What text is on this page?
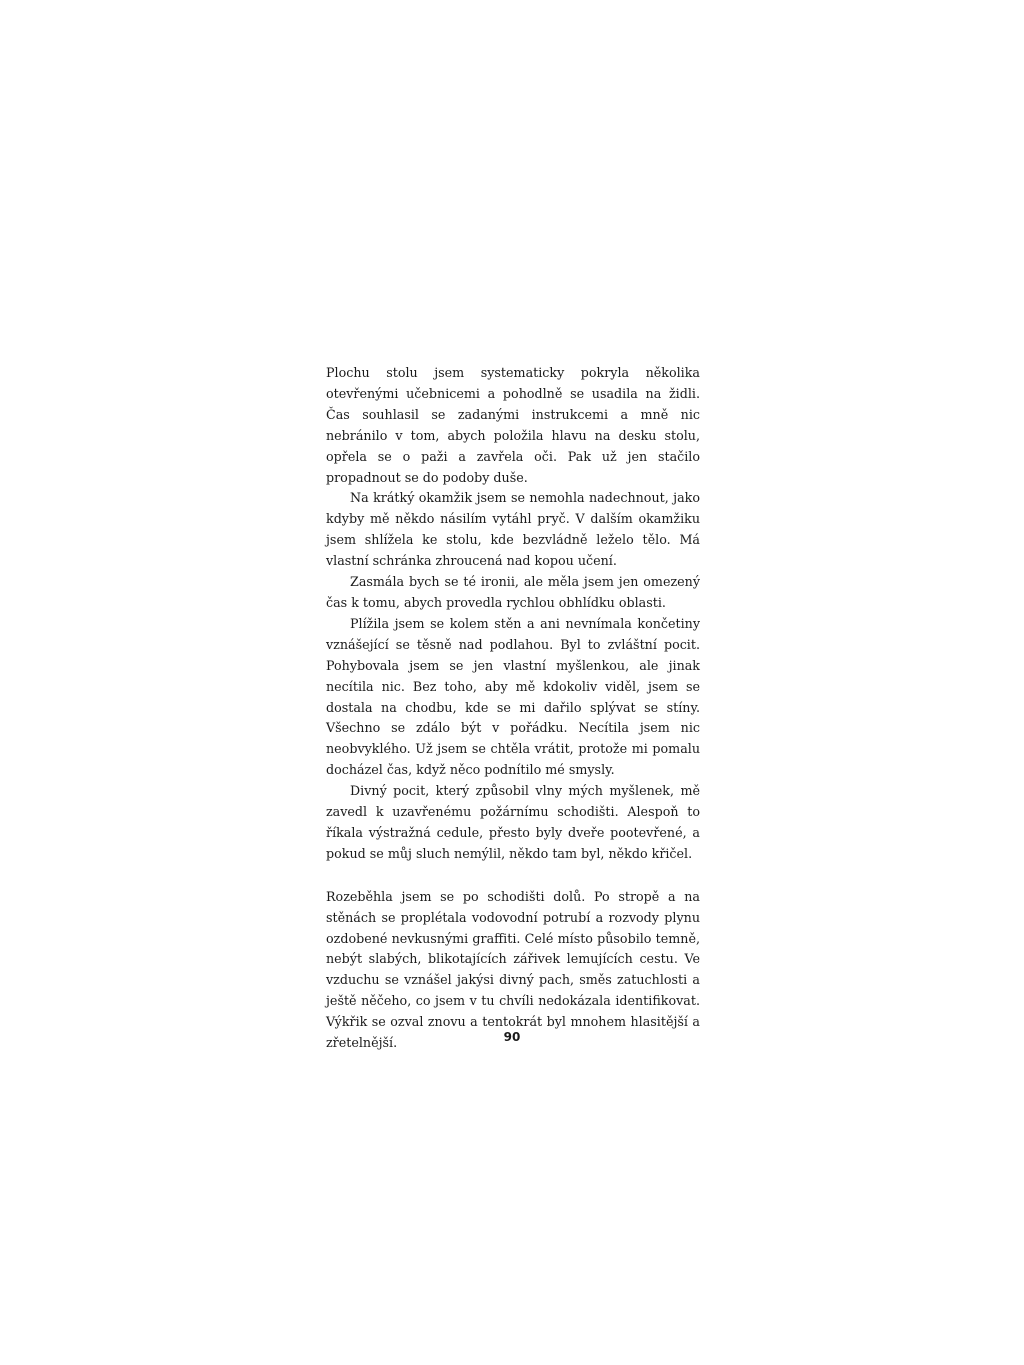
Plochu stolu jsem systematicky pokryla několika otevřenými učebnicemi a pohodlně se usadila na židli. Čas souhlasil se zadanými instrukcemi a mně nic nebránilo v tom, abych položila hlavu na desku stolu, opřela se o paži a zavřela oči. Pak už jen stačilo propadnout se do podoby duše.

Na krátký okamžik jsem se nemohla nadechnout, jako kdyby mě někdo násilím vytáhl pryč. V dalším okamžiku jsem shlížela ke stolu, kde bezvládně leželo tělo. Má vlastní schránka zhroucená nad kopou učení.

Zasmála bych se té ironii, ale měla jsem jen omezený čas k tomu, abych provedla rychlou obhlídku oblasti.

Plížila jsem se kolem stěn a ani nevnímala končetiny vznášející se těsně nad podlahou. Byl to zvláštní pocit. Pohybovala jsem se jen vlastní myšlenkou, ale jinak necítila nic. Bez toho, aby mě kdokoliv viděl, jsem se dostala na chodbu, kde se mi dařilo splývat se stíny. Všechno se zdálo být v pořádku. Necítila jsem nic neobvyklého. Už jsem se chtěla vrátit, protože mi pomalu docházel čas, když něco podnítilo mé smysly.

Divný pocit, který způsobil vlny mých myšlenek, mě zavedl k uzavřenému požárnímu schodišti. Alespoň to říkala výstražná cedule, přesto byly dveře pootevřené, a pokud se můj sluch nemýlil, někdo tam byl, někdo křičel.

Rozeběhla jsem se po schodišti dolů. Po stropě a na stěnách se proplétala vodovodní potrubí a rozvody plynu ozdobené nevkusnými graffiti. Celé místo působilo temně, nebýt slabých, blikotajících zářivek lemujících cestu. Ve vzduchu se vznášel jakýsi divný pach, směs zatuchlosti a ještě něčeho, co jsem v tu chvíli nedokázala identifikovat. Výkřik se ozval znovu a tentokrát byl mnohem hlasitější a zřetelnější.	90
